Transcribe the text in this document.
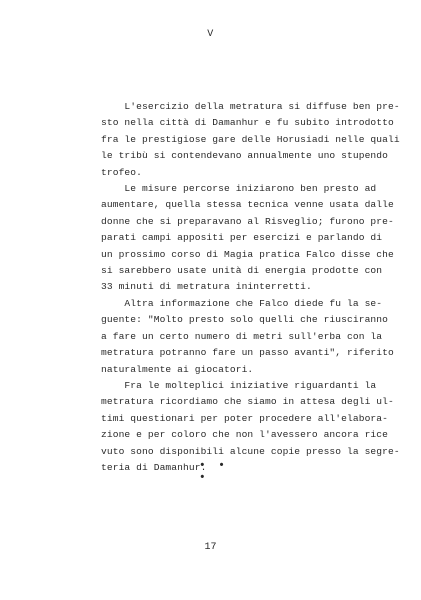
V
L'esercizio della metratura si diffuse ben pre-
sto nella città di Damanhur e fu subito introdotto
fra le prestigiose gare delle Horusiadi nelle quali
le tribù si contendevano annualmente uno stupendo
trofeo.
Le misure percorse iniziarono ben presto ad
aumentare, quella stessa tecnica venne usata dalle
donne che si preparavano al Risveglio; furono pre-
parati campi appositi per esercizi e parlando di
un prossimo corso di Magia pratica Falco disse che
si sarebbero usate unità di energia prodotte con
33 minuti di metratura ininterretti.
Altra informazione che Falco diede fu la se-
guente: "Molto presto solo quelli che riusciranno
a fare un certo numero di metri sull'erba con la
metratura potranno fare un passo avanti", riferito
naturalmente ai giocatori.
Fra le molteplici iniziative riguardanti la
metratura ricordiamo che siamo in attesa degli ul-
timi questionari per poter procedere all'elabora-
zione e per coloro che non l'avessero ancora rice
vuto sono disponibili alcune copie presso la segre-
teria di Damanhur.
• • •
17
